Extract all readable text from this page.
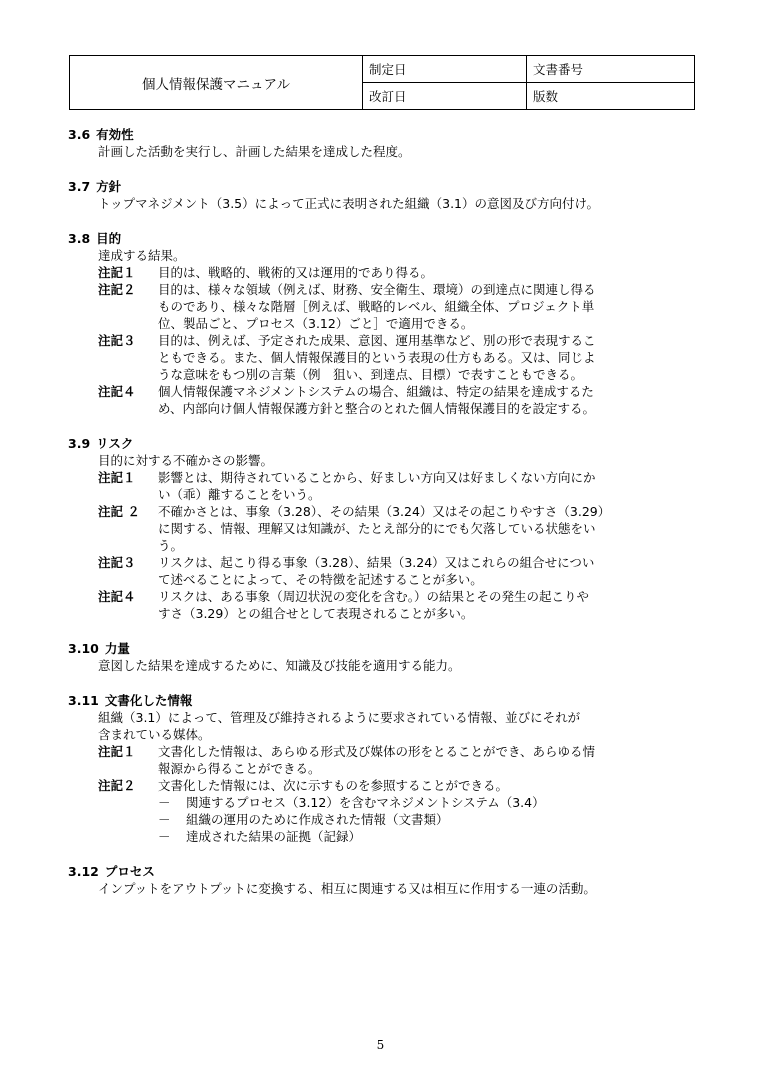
個人情報保護マニュアル	制定日	文書番号
	改訂日	版数
3.6 有効性
計画した活動を実行し、計画した結果を達成した程度。
3.7 方針
トップマネジメント（3.5）によって正式に表明された組織（3.1）の意図及び方向付け。
3.8 目的
達成する結果。
注記１	目的は、戦略的、戦術的又は運用的であり得る。
注記２	目的は、様々な領域（例えば、財務、安全衛生、環境）の到達点に関連し得る
ものであり、様々な階層［例えば、戦略的レベル、組織全体、プロジェクト単
位、製品ごと、プロセス（3.12）ごと］で適用できる。
注記３	目的は、例えば、予定された成果、意図、運用基準など、別の形で表現するこ
ともできる。また、個人情報保護目的という表現の仕方もある。又は、同じよ
うな意味をもつ別の言葉（例　狙い、到達点、目標）で表すこともできる。
注記４	個人情報保護マネジメントシステムの場合、組織は、特定の結果を達成するた
め、内部向け個人情報保護方針と整合のとれた個人情報保護目的を設定する。
3.9 リスク
目的に対する不確かさの影響。
注記１	影響とは、期待されていることから、好ましい方向又は好ましくない方向にか
い（乖）離することをいう。
注記 ２	不確かさとは、事象（3.28）、その結果（3.24）又はその起こりやすさ（3.29）
に関する、情報、理解又は知識が、たとえ部分的にでも欠落している状態をい
う。
注記３	リスクは、起こり得る事象（3.28）、結果（3.24）又はこれらの組合せについ
て述べることによって、その特徴を記述することが多い。
注記４	リスクは、ある事象（周辺状況の変化を含む。）の結果とその発生の起こりや
すさ（3.29）との組合せとして表現されることが多い。
3.10 力量
意図した結果を達成するために、知識及び技能を適用する能力。
3.11 文書化した情報
組織（3.1）によって、管理及び維持されるように要求されている情報、並びにそれが
含まれている媒体。
注記１	文書化した情報は、あらゆる形式及び媒体の形をとることができ、あらゆる情
報源から得ることができる。
注記２	文書化した情報には、次に示すものを参照することができる。
－	関連するプロセス（3.12）を含むマネジメントシステム（3.4）
－	組織の運用のために作成された情報（文書類）
－	達成された結果の証拠（記録）
3.12 プロセス
インプットをアウトプットに変換する、相互に関連する又は相互に作用する一連の活動。
5
